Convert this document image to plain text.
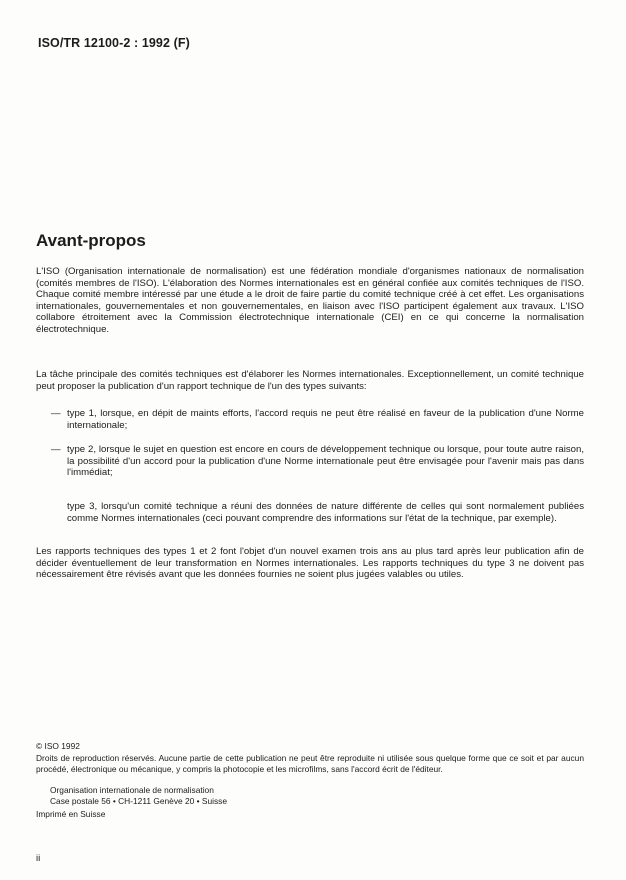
ISO/TR 12100-2 : 1992 (F)
Avant-propos

L'ISO (Organisation internationale de normalisation) est une fédération mondiale d'organismes nationaux de normalisation (comités membres de l'ISO). L'élaboration des Normes internationales est en général confiée aux comités techniques de l'ISO. Chaque comité membre intéressé par une étude a le droit de faire partie du comité technique créé à cet effet. Les organisations internationales, gouvernementales et non gouvernementales, en liaison avec l'ISO participent également aux travaux. L'ISO collabore étroitement avec la Commission électrotechnique internationale (CEI) en ce qui concerne la normalisation électrotechnique.

La tâche principale des comités techniques est d'élaborer les Normes internationales. Exceptionnellement, un comité technique peut proposer la publication d'un rapport technique de l'un des types suivants:

— type 1, lorsque, en dépit de maints efforts, l'accord requis ne peut être réalisé en faveur de la publication d'une Norme internationale;

— type 2, lorsque le sujet en question est encore en cours de développement technique ou lorsque, pour toute autre raison, la possibilité d'un accord pour la publication d'une Norme internationale peut être envisagée pour l'avenir mais pas dans l'immédiat;

type 3, lorsqu'un comité technique a réuni des données de nature différente de celles qui sont normalement publiées comme Normes internationales (ceci pouvant comprendre des informations sur l'état de la technique, par exemple).

Les rapports techniques des types 1 et 2 font l'objet d'un nouvel examen trois ans au plus tard après leur publication afin de décider éventuellement de leur transformation en Normes internationales. Les rapports techniques du type 3 ne doivent pas nécessairement être révisés avant que les données fournies ne soient plus jugées valables ou utiles.

© ISO 1992

Droits de reproduction réservés. Aucune partie de cette publication ne peut être reproduite ni utilisée sous quelque forme que ce soit et par aucun procédé, électronique ou mécanique, y compris la photocopie et les microfilms, sans l'accord écrit de l'éditeur.

Organisation internationale de normalisation
Case postale 56 • CH-1211 Genève 20 • Suisse
Imprimé en Suisse
ii
